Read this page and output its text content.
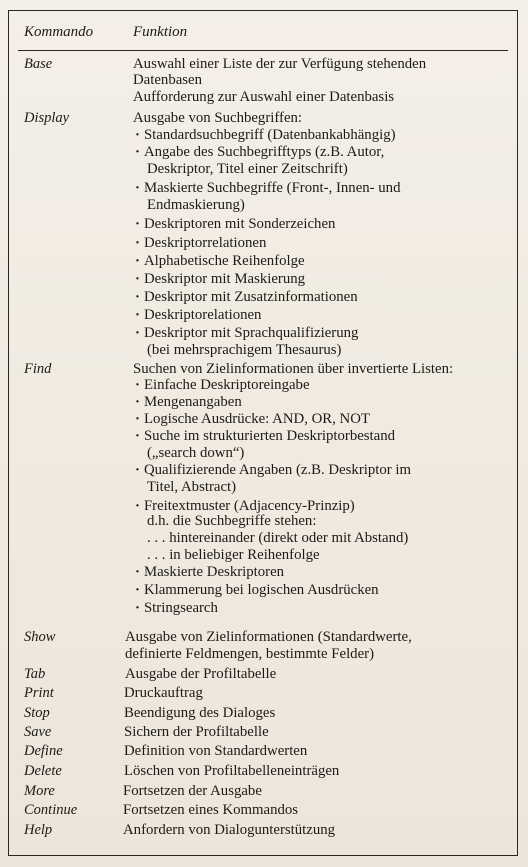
Kommando	Funktion
Base	Auswahl einer Liste der zur Verfügung stehenden
Datenbasen
Aufforderung zur Auswahl einer Datenbasis
Display	Ausgabe von Suchbegriffen:
· Standardsuchbegriff (Datenbankabhängig)
· Angabe des Suchbegrifftyps (z.B. Autor,
Deskriptor, Titel einer Zeitschrift)
· Maskierte Suchbegriffe (Front-, Innen- und
Endmaskierung)
· Deskriptoren mit Sonderzeichen
· Deskriptorrelationen
· Alphabetische Reihenfolge
· Deskriptor mit Maskierung
· Deskriptor mit Zusatzinformationen
· Deskriptorelationen
· Deskriptor mit Sprachqualifizierung
(bei mehrsprachigem Thesaurus)
Find	Suchen von Zielinformationen über invertierte Listen:
· Einfache Deskriptoreingabe
· Mengenangaben
· Logische Ausdrücke: AND, OR, NOT
· Suche im strukturierten Deskriptorbestand
(„search down“)
· Qualifizierende Angaben (z.B. Deskriptor im
Titel, Abstract)
· Freitextmuster (Adjacency-Prinzip)
d.h. die Suchbegriffe stehen:
. . . hintereinander (direkt oder mit Abstand)
. . . in beliebiger Reihenfolge
· Maskierte Deskriptoren
· Klammerung bei logischen Ausdrücken
· Stringsearch
Show	Ausgabe von Zielinformationen (Standardwerte,
definierte Feldmengen, bestimmte Felder)
Tab	Ausgabe der Profiltabelle
Print	Druckauftrag
Stop	Beendigung des Dialoges
Save	Sichern der Profiltabelle
Define	Definition von Standardwerten
Delete	Löschen von Profiltabelleneinträgen
More	Fortsetzen der Ausgabe
Continue	Fortsetzen eines Kommandos
Help	Anfordern von Dialogunterstützung
